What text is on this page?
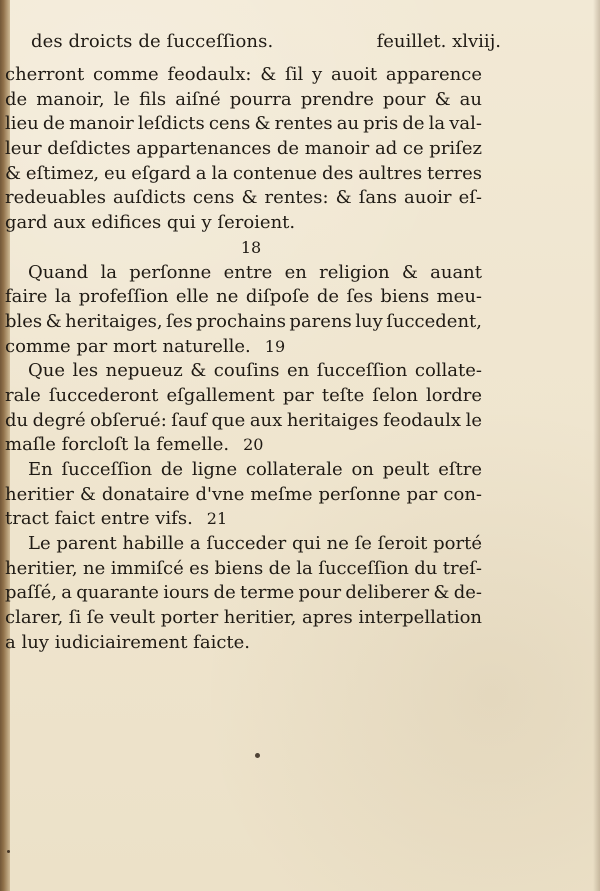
des droicts de ſucceſſions.	feuillet. xlviij.
cherront comme feodaulx: & ſil y auoit apparence
de manoir, le fils aiſné pourra prendre pour & au
lieu de manoir leſdicts cens & rentes au pris de la val-
leur deſdictes appartenances de manoir ad ce priſez
& eſtimez, eu eſgard a la contenue des aultres terres
redeuables auſdicts cens & rentes: & ſans auoir eſ-
gard aux edifices qui y ſeroient.
18
Quand la perſonne entre en religion & auant
faire la profeſſion elle ne diſpoſe de ſes biens meu-
bles & heritaiges, ſes prochains parens luy ſuccedent,
comme par mort naturelle. 19
Que les nepueuz & couſins en ſucceſſion collate-
rale ſuccederont eſgallement par teſte ſelon lordre
du degré obſerué: ſauf que aux heritaiges feodaulx le
maſle forcloſt la femelle. 20
En ſucceſſion de ligne collaterale on peult eſtre
heritier & donataire d'vne meſme perſonne par con-
tract faict entre vifs. 21
Le parent habille a ſucceder qui ne ſe ſeroit porté
heritier, ne immiſcé es biens de la ſucceſſion du treſ-
paſſé, a quarante iours de terme pour deliberer & de-
clarer, ſi ſe veult porter heritier, apres interpellation
a luy iudiciairement faicte.
